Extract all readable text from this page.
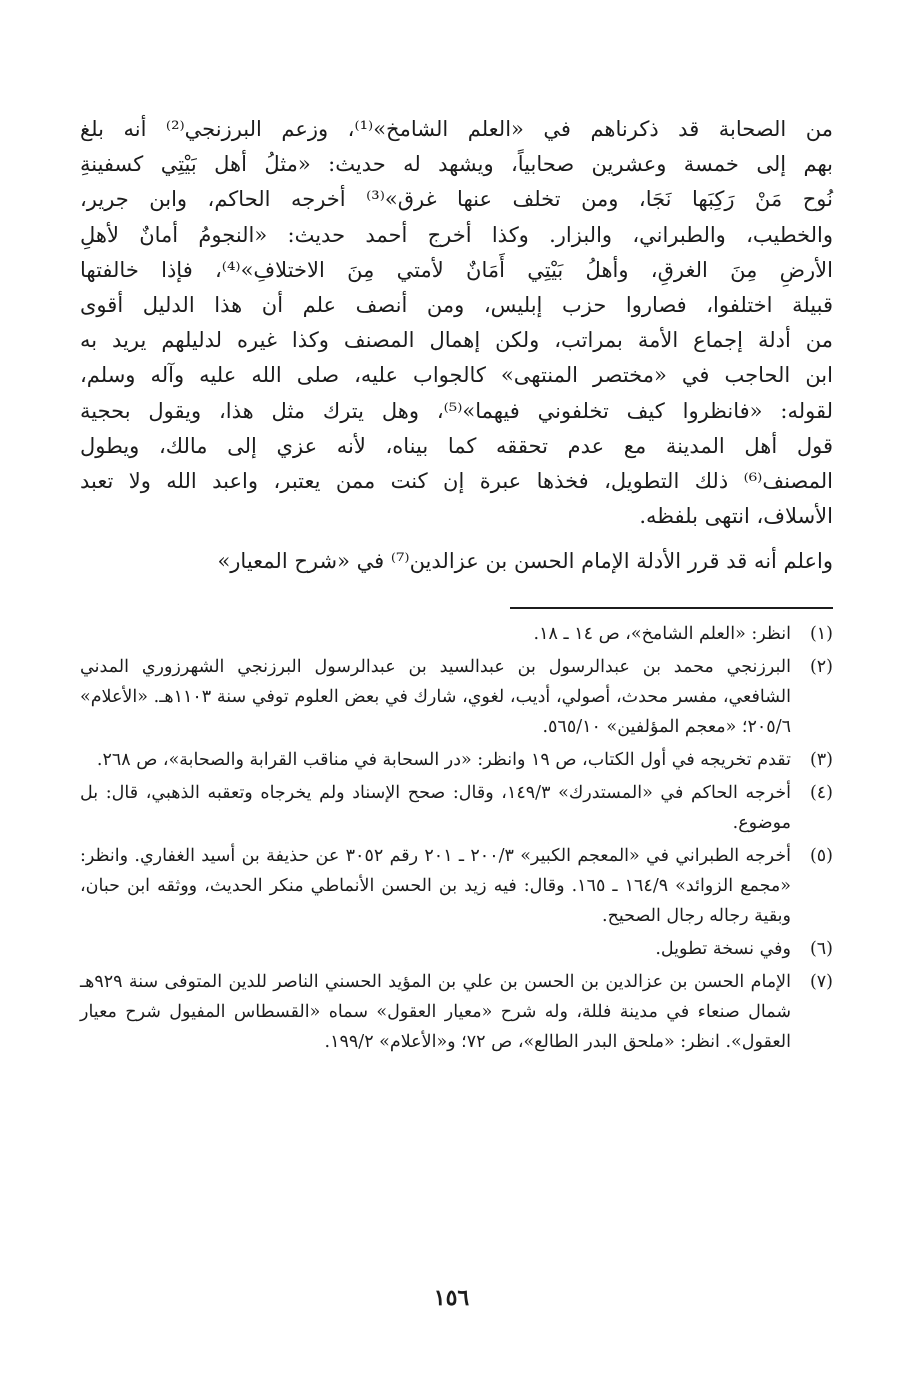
من الصحابة قد ذكرناهم في «العلم الشامخ»⁽¹⁾، وزعم البرزنجي⁽²⁾ أنه بلغ

بهم إلى خمسة وعشرين صحابياً، ويشهد له حديث: «مثلُ أهل بَيْتِي كسفينةِ

نُوح مَنْ رَكِبَها نَجَا، ومن تخلف عنها غرق»⁽³⁾ أخرجه الحاكم، وابن جرير،

والخطيب، والطبراني، والبزار. وكذا أخرج أحمد حديث: «النجومُ أمانٌ لأهلِ

الأرضِ مِنَ الغرقِ، وأهلُ بَيْتِي أَمَانٌ لأمتي مِنَ الاختلافِ»⁽⁴⁾، فإذا خالفتها

قبيلة اختلفوا، فصاروا حزب إبليس، ومن أنصف علم أن هذا الدليل أقوى

من أدلة إجماع الأمة بمراتب، ولكن إهمال المصنف وكذا غيره لدليلهم يريد به

ابن الحاجب في «مختصر المنتهى» كالجواب عليه، صلى الله عليه وآله وسلم،

لقوله: «فانظروا كيف تخلفوني فيهما»⁽⁵⁾، وهل يترك مثل هذا، ويقول بحجية

قول أهل المدينة مع عدم تحققه كما بيناه، لأنه عزي إلى مالك، ويطول

المصنف⁽⁶⁾ ذلك التطويل، فخذها عبرة إن كنت ممن يعتبر، واعبد الله ولا تعبد

الأسلاف، انتهى بلفظه.

واعلم أنه قد قرر الأدلة الإمام الحسن بن عزالدين⁽⁷⁾ في «شرح المعيار»
(١)
انظر: «العلم الشامخ»، ص ١٤ ـ ١٨.
(٢)
البرزنجي محمد بن عبدالرسول بن عبدالسيد بن عبدالرسول البرزنجي الشهرزوري المدني الشافعي، مفسر محدث، أصولي، أديب، لغوي، شارك في بعض العلوم توفي سنة ١١٠٣هـ. «الأعلام» ٢٠٥/٦؛ «معجم المؤلفين» ٥٦٥/١٠.
(٣)
تقدم تخريجه في أول الكتاب، ص ١٩ وانظر: «در السحابة في مناقب القرابة والصحابة»، ص ٢٦٨.
(٤)
أخرجه الحاكم في «المستدرك» ١٤٩/٣، وقال: صحح الإسناد ولم يخرجاه وتعقبه الذهبي، قال: بل موضوع.
(٥)
أخرجه الطبراني في «المعجم الكبير» ٢٠٠/٣ ـ ٢٠١ رقم ٣٠٥٢ عن حذيفة بن أسيد الغفاري. وانظر: «مجمع الزوائد» ١٦٤/٩ ـ ١٦٥. وقال: فيه زيد بن الحسن الأنماطي منكر الحديث، ووثقه ابن حبان، وبقية رجاله رجال الصحيح.
(٦)
وفي نسخة تطويل.
(٧)
الإمام الحسن بن عزالدين بن الحسن بن علي بن المؤيد الحسني الناصر للدين المتوفى سنة ٩٢٩هـ شمال صنعاء في مدينة فللة، وله شرح «معيار العقول» سماه «القسطاس المفيول شرح معيار العقول». انظر: «ملحق البدر الطالع»، ص ٧٢؛ و«الأعلام» ١٩٩/٢.
١٥٦
